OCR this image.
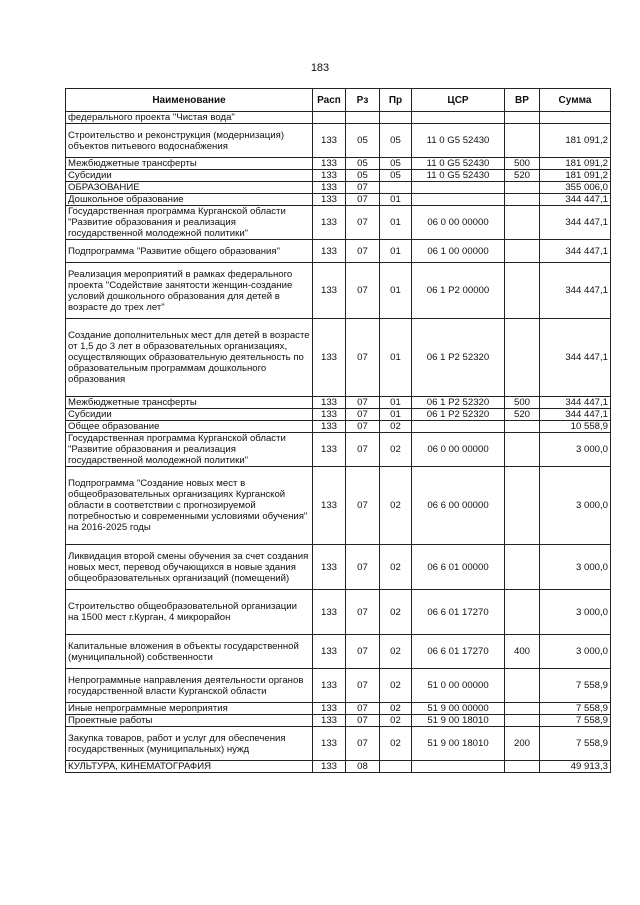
183
Наименование	Расп	Рз	Пр	ЦСР	ВР	Сумма
федерального проекта "Чистая вода"						
Строительство и реконструкция (модернизация) объектов питьевого водоснабжения	133	05	05	11 0 G5 52430		181 091,2
Межбюджетные трансферты	133	05	05	11 0 G5 52430	500	181 091,2
Субсидии	133	05	05	11 0 G5 52430	520	181 091,2
ОБРАЗОВАНИЕ	133	07				355 006,0
Дошкольное образование	133	07	01			344 447,1
Государственная программа Курганской области "Развитие образования и реализация государственной молодежной политики"	133	07	01	06 0 00 00000		344 447,1
Подпрограмма "Развитие общего образования"	133	07	01	06 1 00 00000		344 447,1
Реализация мероприятий в рамках федерального проекта "Содействие занятости женщин-создание условий дошкольного образования для детей в возрасте до трех лет"	133	07	01	06 1 P2 00000		344 447,1
Создание дополнительных мест для детей в возрасте от 1,5 до 3 лет в образовательных организациях, осуществляющих образовательную деятельность по образовательным программам дошкольного образования	133	07	01	06 1 P2 52320		344 447,1
Межбюджетные трансферты	133	07	01	06 1 P2 52320	500	344 447,1
Субсидии	133	07	01	06 1 P2 52320	520	344 447,1
Общее образование	133	07	02			10 558,9
Государственная программа Курганской области "Развитие образования и реализация государственной молодежной политики"	133	07	02	06 0 00 00000		3 000,0
Подпрограмма "Создание новых мест в общеобразовательных организациях Курганской области в соответствии с прогнозируемой потребностью и современными условиями обучения" на 2016-2025 годы	133	07	02	06 6 00 00000		3 000,0
Ликвидация второй смены обучения за счет создания новых мест, перевод обучающихся в новые здания общеобразовательных организаций (помещений)	133	07	02	06 6 01 00000		3 000,0
Строительство общеобразовательной организации на 1500 мест г.Курган, 4 микрорайон	133	07	02	06 6 01 17270		3 000,0
Капитальные вложения в объекты государственной (муниципальной) собственности	133	07	02	06 6 01 17270	400	3 000,0
Непрограммные направления деятельности органов государственной власти Курганской области	133	07	02	51 0 00 00000		7 558,9
Иные непрограммные мероприятия	133	07	02	51 9 00 00000		7 558,9
Проектные работы	133	07	02	51 9 00 18010		7 558,9
Закупка товаров, работ и услуг для обеспечения государственных (муниципальных) нужд	133	07	02	51 9 00 18010	200	7 558,9
КУЛЬТУРА, КИНЕМАТОГРАФИЯ	133	08				49 913,3
